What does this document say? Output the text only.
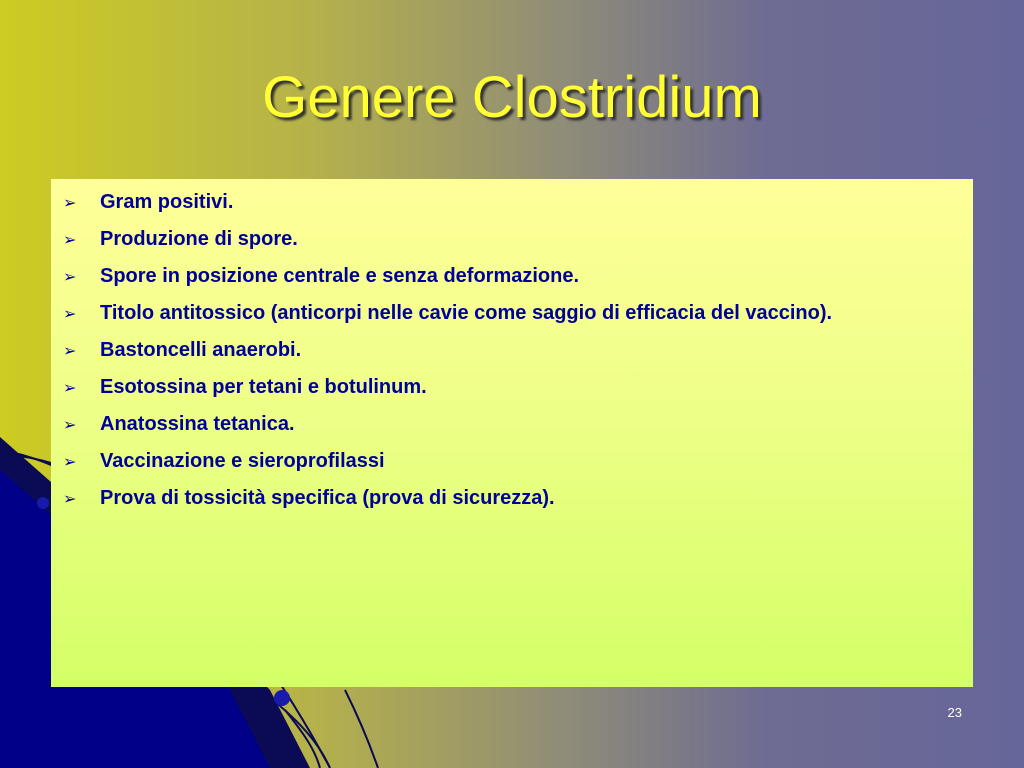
Genere Clostridium
➢ Gram positivi.
➢ Produzione di spore.
➢ Spore in posizione centrale e senza deformazione.
➢ Titolo antitossico (anticorpi nelle cavie come saggio di efficacia del vaccino).
➢ Bastoncelli anaerobi.
➢ Esotossina per tetani e botulinum.
➢ Anatossina tetanica.
➢ Vaccinazione e sieroprofilassi
➢ Prova di tossicità specifica (prova di sicurezza).
23
